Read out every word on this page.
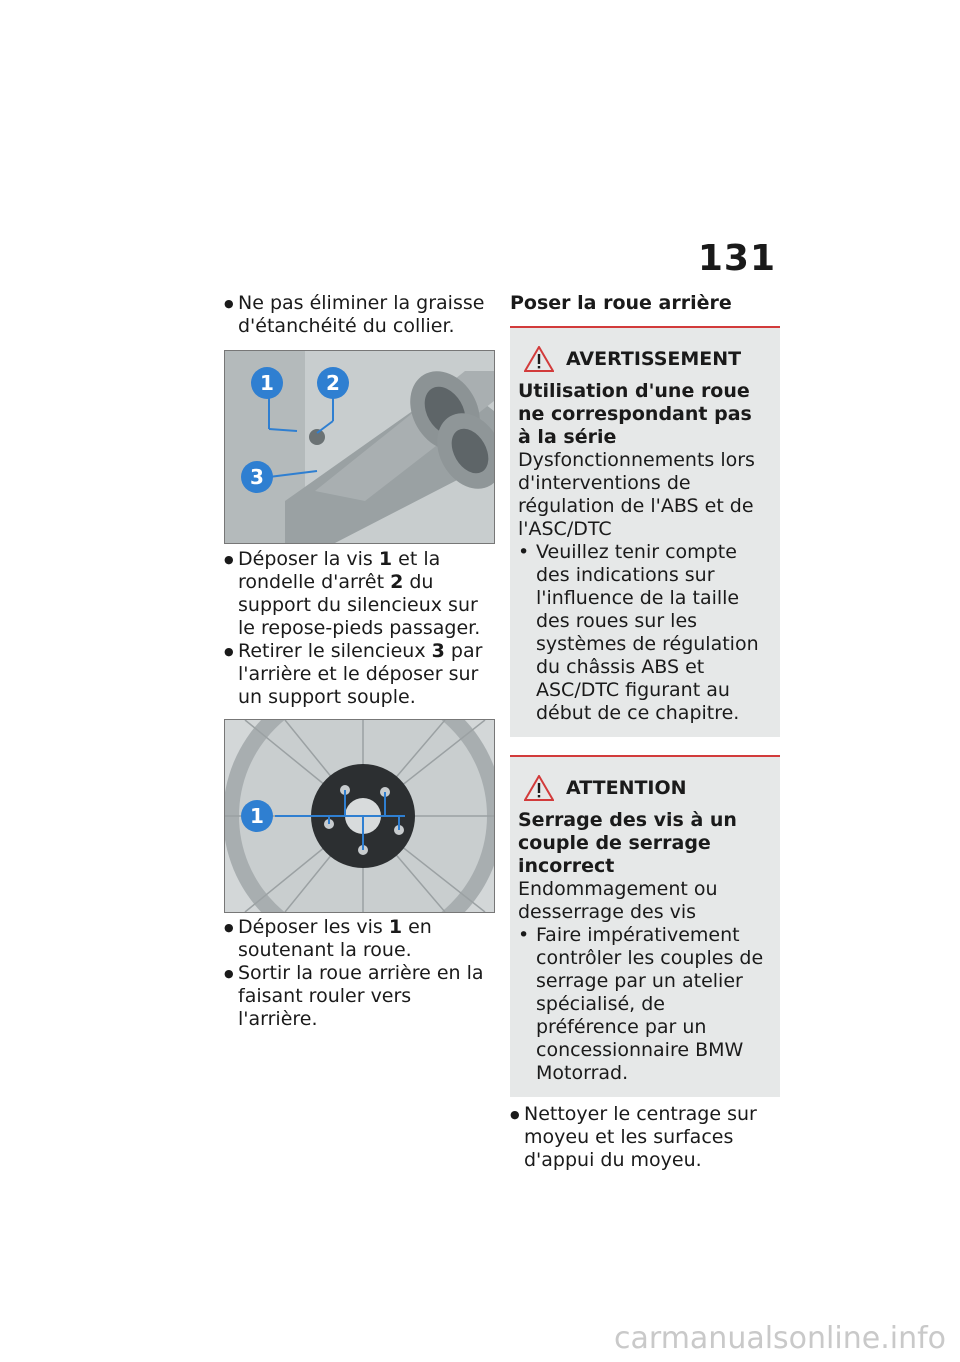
131

● Ne pas éliminer la graisse d'étanchéité du collier.

1	2
3

● Déposer la vis 1 et la rondelle d'arrêt 2 du support du silencieux sur le repose-pieds passager.

● Retirer le silencieux 3 par l'arrière et le déposer sur un support souple.

1

● Déposer les vis 1 en soutenant la roue.

● Sortir la roue arrière en la faisant rouler vers l'arrière.

Poser la roue arrière
AVERTISSEMENT
Utilisation d'une roue ne correspondant pas à la série
Dysfonctionnements lors d'interventions de régulation de l'ABS et de l'ASC/DTC
• Veuillez tenir compte des indications sur l'influence de la taille des roues sur les systèmes de régulation du châssis ABS et ASC/DTC figurant au début de ce chapitre.
ATTENTION
Serrage des vis à un couple de serrage incorrect
Endommagement ou desserrage des vis
• Faire impérativement contrôler les couples de serrage par un atelier spécialisé, de préférence par un concessionnaire BMW Motorrad.

● Nettoyer le centrage sur moyeu et les surfaces d'appui du moyeu.

carmanualsonline.info
